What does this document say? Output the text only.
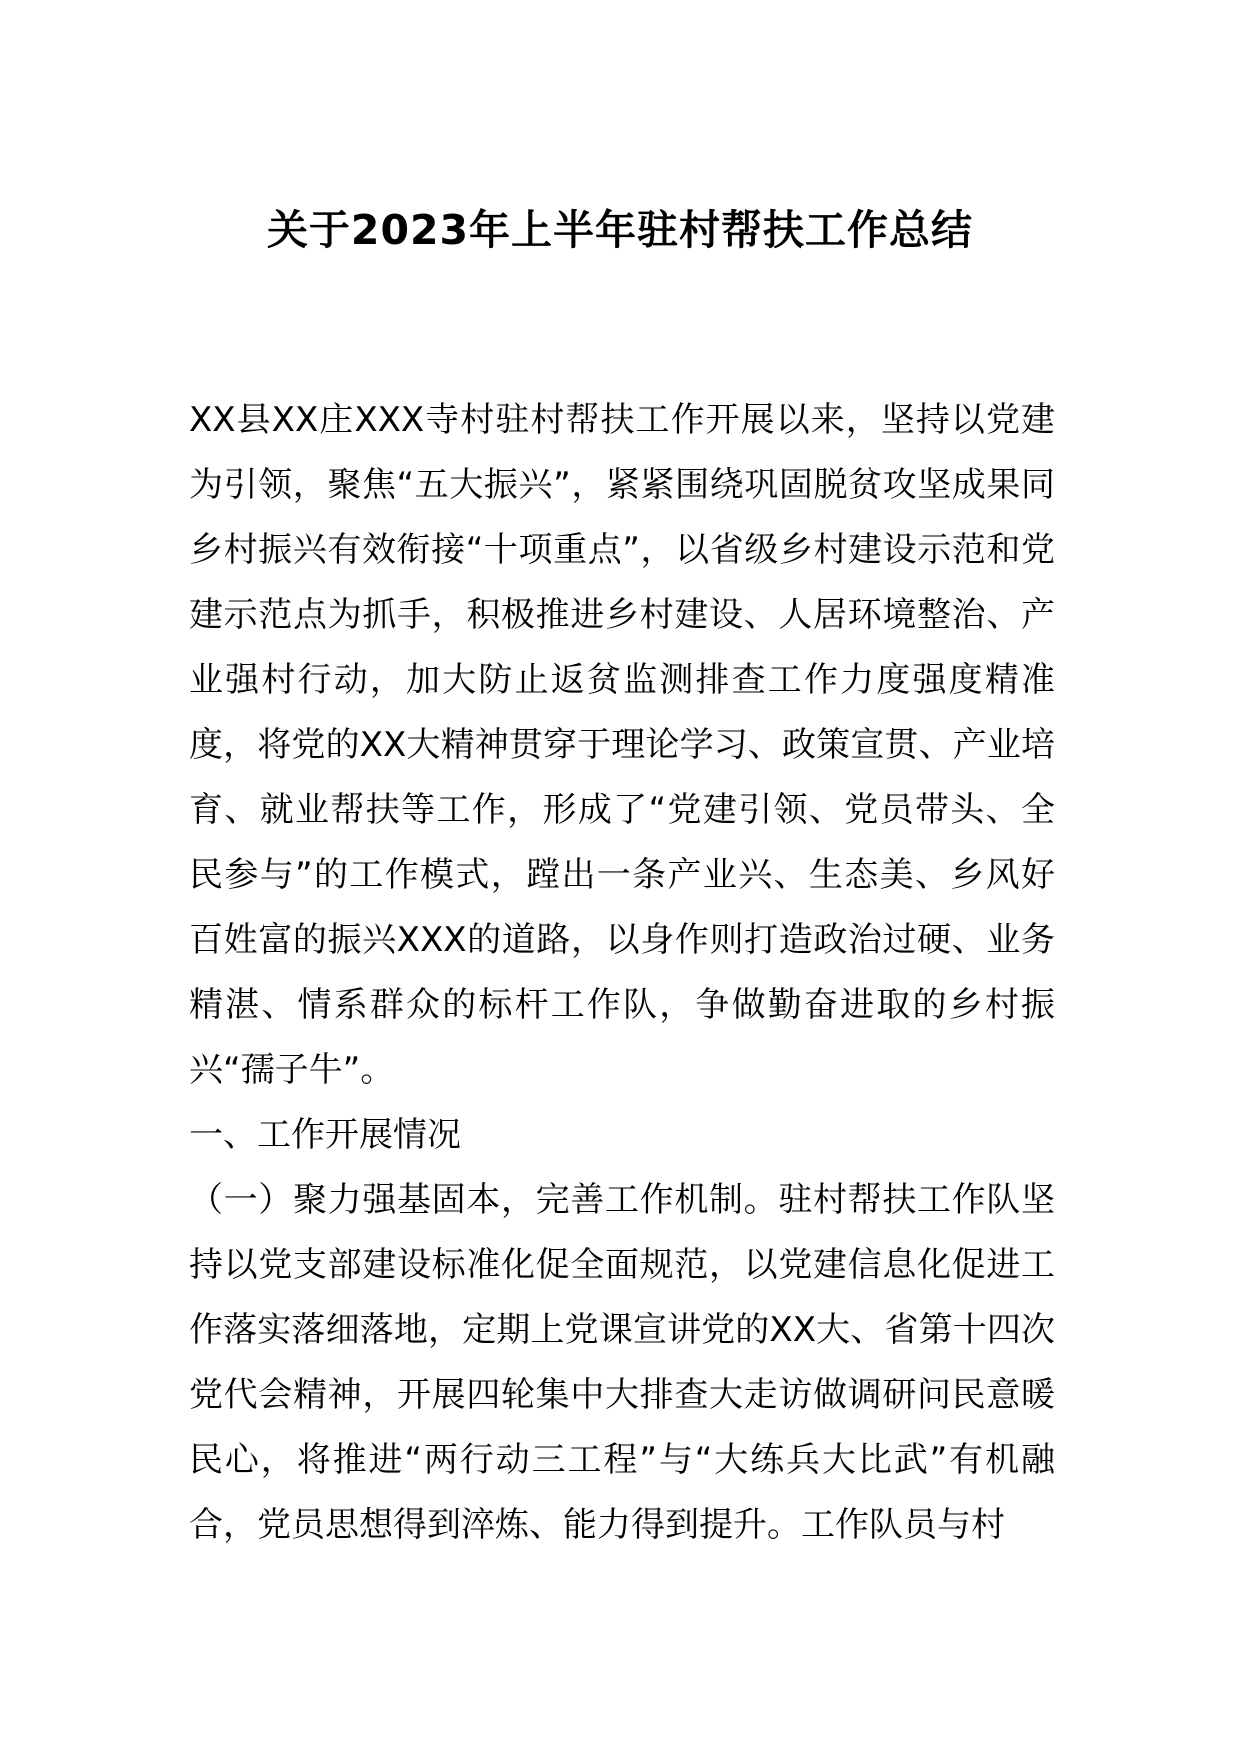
关于2023年上半年驻村帮扶工作总结

XX县XX庄XXX寺村驻村帮扶工作开展以来，坚持以党建为引领，聚焦“五大振兴”，紧紧围绕巩固脱贫攻坚成果同乡村振兴有效衔接“十项重点”，以省级乡村建设示范和党建示范点为抓手，积极推进乡村建设、人居环境整治、产业强村行动，加大防止返贫监测排查工作力度强度精准度，将党的XX大精神贯穿于理论学习、政策宣贯、产业培育、就业帮扶等工作，形成了“党建引领、党员带头、全民参与”的工作模式，蹚出一条产业兴、生态美、乡风好百姓富的振兴XXX的道路，以身作则打造政治过硬、业务精湛、情系群众的标杆工作队，争做勤奋进取的乡村振兴“孺子牛”。

一、工作开展情况

（一）聚力强基固本，完善工作机制。驻村帮扶工作队坚持以党支部建设标准化促全面规范，以党建信息化促进工作落实落细落地，定期上党课宣讲党的XX大、省第十四次党代会精神，开展四轮集中大排查大走访做调研问民意暖民心，将推进“两行动三工程”与“大练兵大比武”有机融合，党员思想得到淬炼、能力得到提升。工作队员与村
